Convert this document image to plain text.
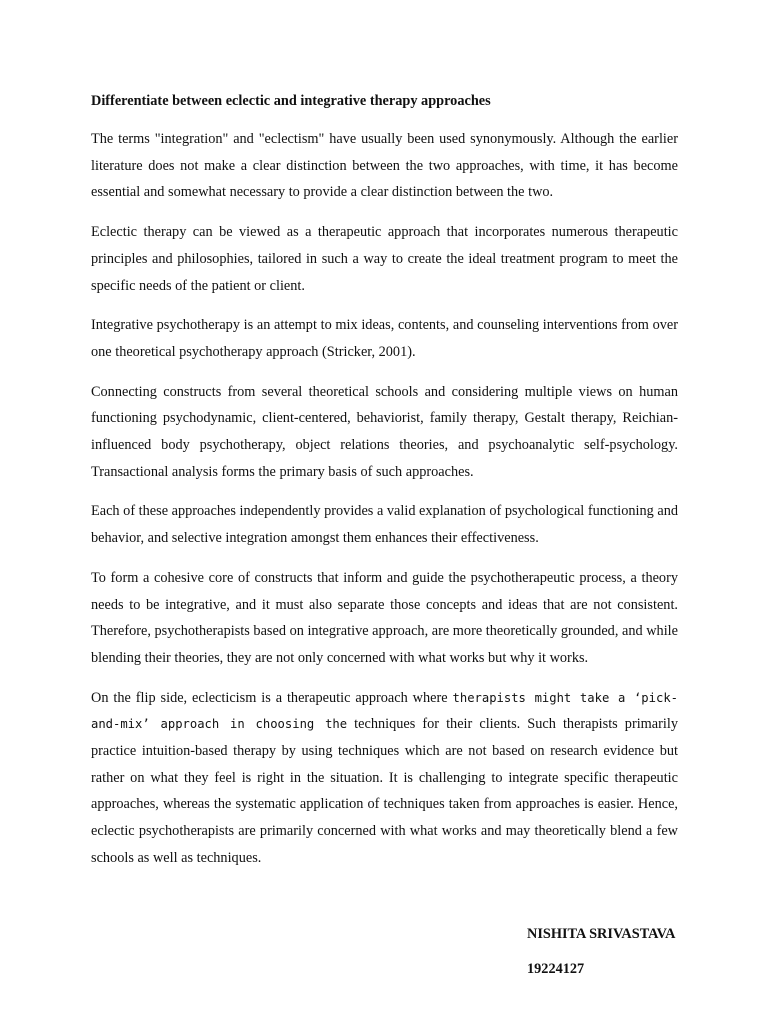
Differentiate between eclectic and integrative therapy approaches

The terms "integration" and "eclectism" have usually been used synonymously. Although the earlier literature does not make a clear distinction between the two approaches, with time, it has become essential and somewhat necessary to provide a clear distinction between the two.

Eclectic therapy can be viewed as a therapeutic approach that incorporates numerous therapeutic principles and philosophies, tailored in such a way to create the ideal treatment program to meet the specific needs of the patient or client.

Integrative psychotherapy is an attempt to mix ideas, contents, and counseling interventions from over one theoretical psychotherapy approach (Stricker, 2001).

Connecting constructs from several theoretical schools and considering multiple views on human functioning psychodynamic, client-centered, behaviorist, family therapy, Gestalt therapy, Reichian-influenced body psychotherapy, object relations theories, and psychoanalytic self-psychology. Transactional analysis forms the primary basis of such approaches.

Each of these approaches independently provides a valid explanation of psychological functioning and behavior, and selective integration amongst them enhances their effectiveness.

To form a cohesive core of constructs that inform and guide the psychotherapeutic process, a theory needs to be integrative, and it must also separate those concepts and ideas that are not consistent. Therefore, psychotherapists based on integrative approach, are more theoretically grounded, and while blending their theories, they are not only concerned with what works but why it works.

On the flip side, eclecticism is a therapeutic approach where therapists might take a ‘pick-and-mix’ approach in choosing the techniques for their clients. Such therapists primarily practice intuition-based therapy by using techniques which are not based on research evidence but rather on what they feel is right in the situation. It is challenging to integrate specific therapeutic approaches, whereas the systematic application of techniques taken from approaches is easier. Hence, eclectic psychotherapists are primarily concerned with what works and may theoretically blend a few schools as well as techniques.

NISHITA SRIVASTAVA
19224127
